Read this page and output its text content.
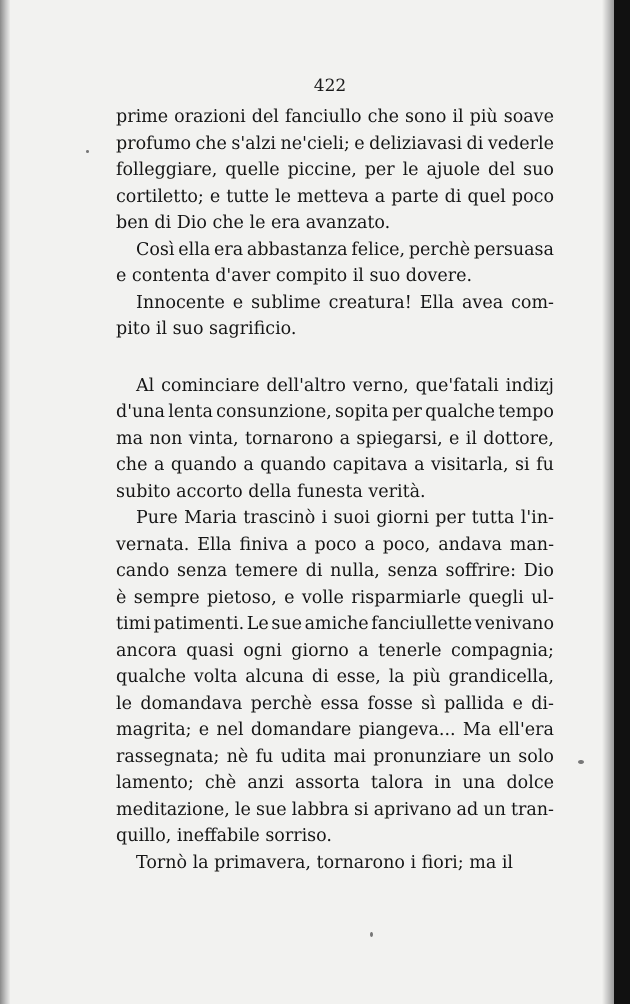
422
prime orazioni del fanciullo che sono il più soave
profumo che s'alzi ne'cieli; e deliziavasi di vederle
folleggiare, quelle piccine, per le ajuole del suo
cortiletto; e tutte le metteva a parte di quel poco
ben di Dio che le era avanzato.
Così ella era abbastanza felice, perchè persuasa
e contenta d'aver compito il suo dovere.
Innocente e sublime creatura! Ella avea com-
pito il suo sagrificio.
Al cominciare dell'altro verno, que'fatali indizj
d'una lenta consunzione, sopita per qualche tempo
ma non vinta, tornarono a spiegarsi, e il dottore,
che a quando a quando capitava a visitarla, si fu
subito accorto della funesta verità.
Pure Maria trascinò i suoi giorni per tutta l'in-
vernata. Ella finiva a poco a poco, andava man-
cando senza temere di nulla, senza soffrire: Dio
è sempre pietoso, e volle risparmiarle quegli ul-
timi patimenti. Le sue amiche fanciullette venivano
ancora quasi ogni giorno a tenerle compagnia;
qualche volta alcuna di esse, la più grandicella,
le domandava perchè essa fosse sì pallida e di-
magrita; e nel domandare piangeva... Ma ell'era
rassegnata; nè fu udita mai pronunziare un solo
lamento; chè anzi assorta talora in una dolce
meditazione, le sue labbra si aprivano ad un tran-
quillo, ineffabile sorriso.
Tornò la primavera, tornarono i fiori; ma il
